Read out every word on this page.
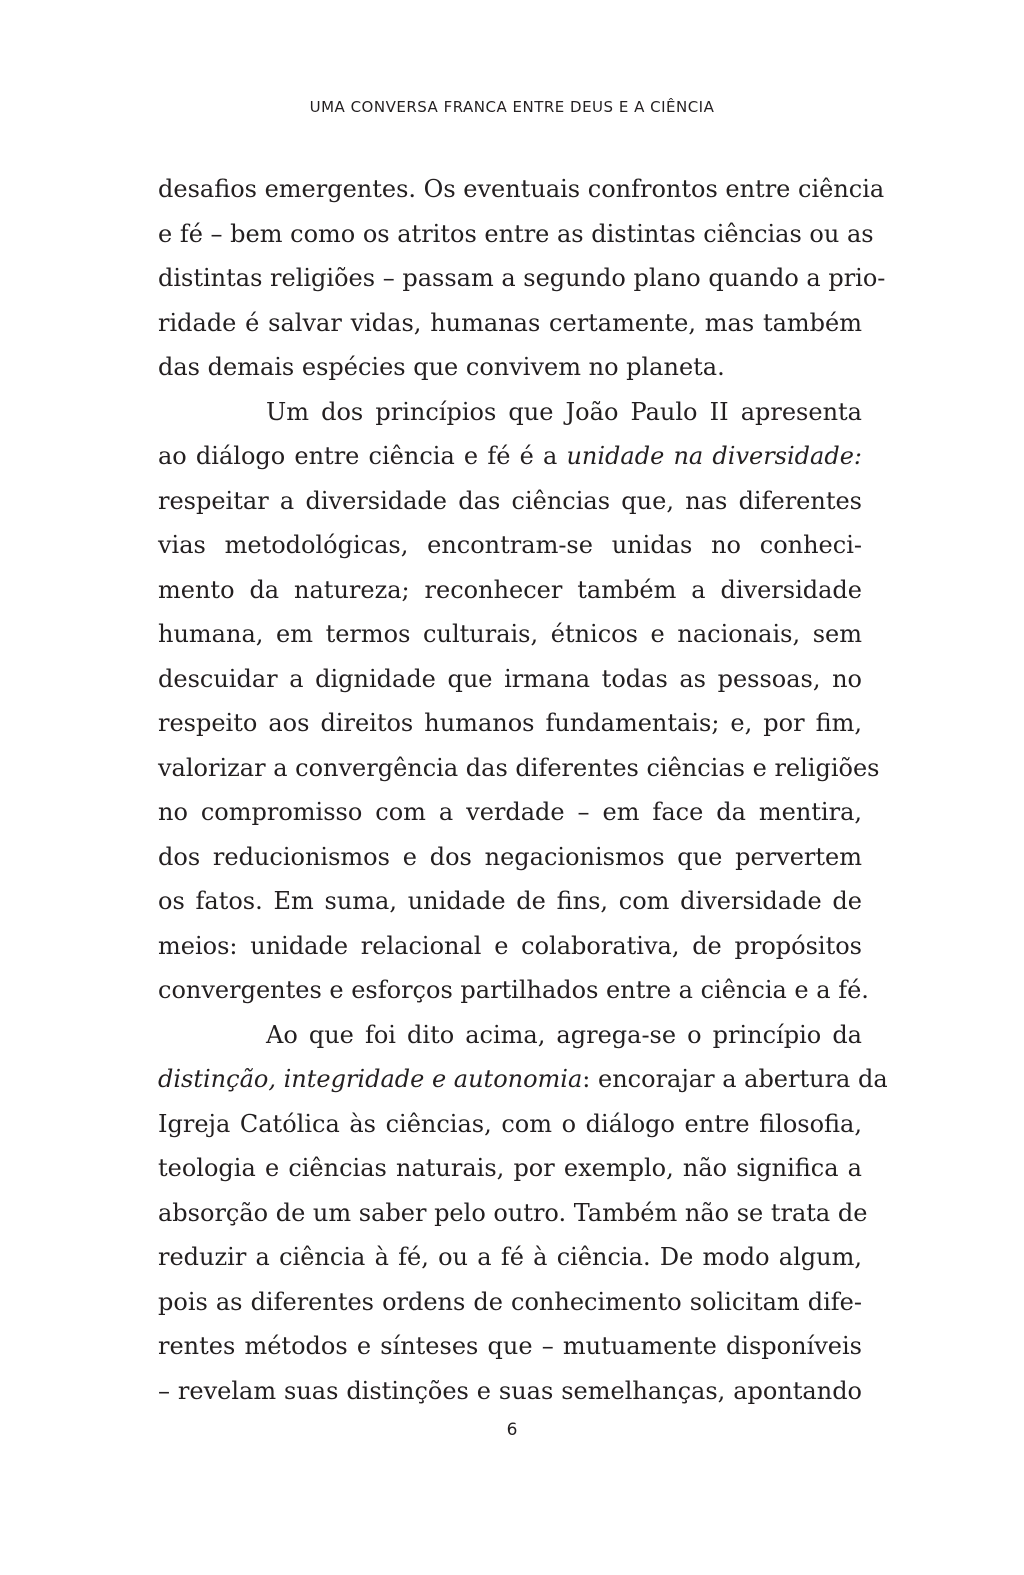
UMA CONVERSA FRANCA ENTRE DEUS E A CIÊNCIA
desafios emergentes. Os eventuais confrontos entre ciência
e fé – bem como os atritos entre as distintas ciências ou as
distintas religiões – passam a segundo plano quando a prio-
ridade é salvar vidas, humanas certamente, mas também
das demais espécies que convivem no planeta.
Um dos princípios que João Paulo II apresenta
ao diálogo entre ciência e fé é a unidade na diversidade:
respeitar a diversidade das ciências que, nas diferentes
vias metodológicas, encontram-se unidas no conheci-
mento da natureza; reconhecer também a diversidade
humana, em termos culturais, étnicos e nacionais, sem
descuidar a dignidade que irmana todas as pessoas, no
respeito aos direitos humanos fundamentais; e, por fim,
valorizar a convergência das diferentes ciências e religiões
no compromisso com a verdade – em face da mentira,
dos reducionismos e dos negacionismos que pervertem
os fatos. Em suma, unidade de fins, com diversidade de
meios: unidade relacional e colaborativa, de propósitos
convergentes e esforços partilhados entre a ciência e a fé.
Ao que foi dito acima, agrega-se o princípio da
distinção, integridade e autonomia: encorajar a abertura da
Igreja Católica às ciências, com o diálogo entre filosofia,
teologia e ciências naturais, por exemplo, não significa a
absorção de um saber pelo outro. Também não se trata de
reduzir a ciência à fé, ou a fé à ciência. De modo algum,
pois as diferentes ordens de conhecimento solicitam dife-
rentes métodos e sínteses que – mutuamente disponíveis
– revelam suas distinções e suas semelhanças, apontando
6
